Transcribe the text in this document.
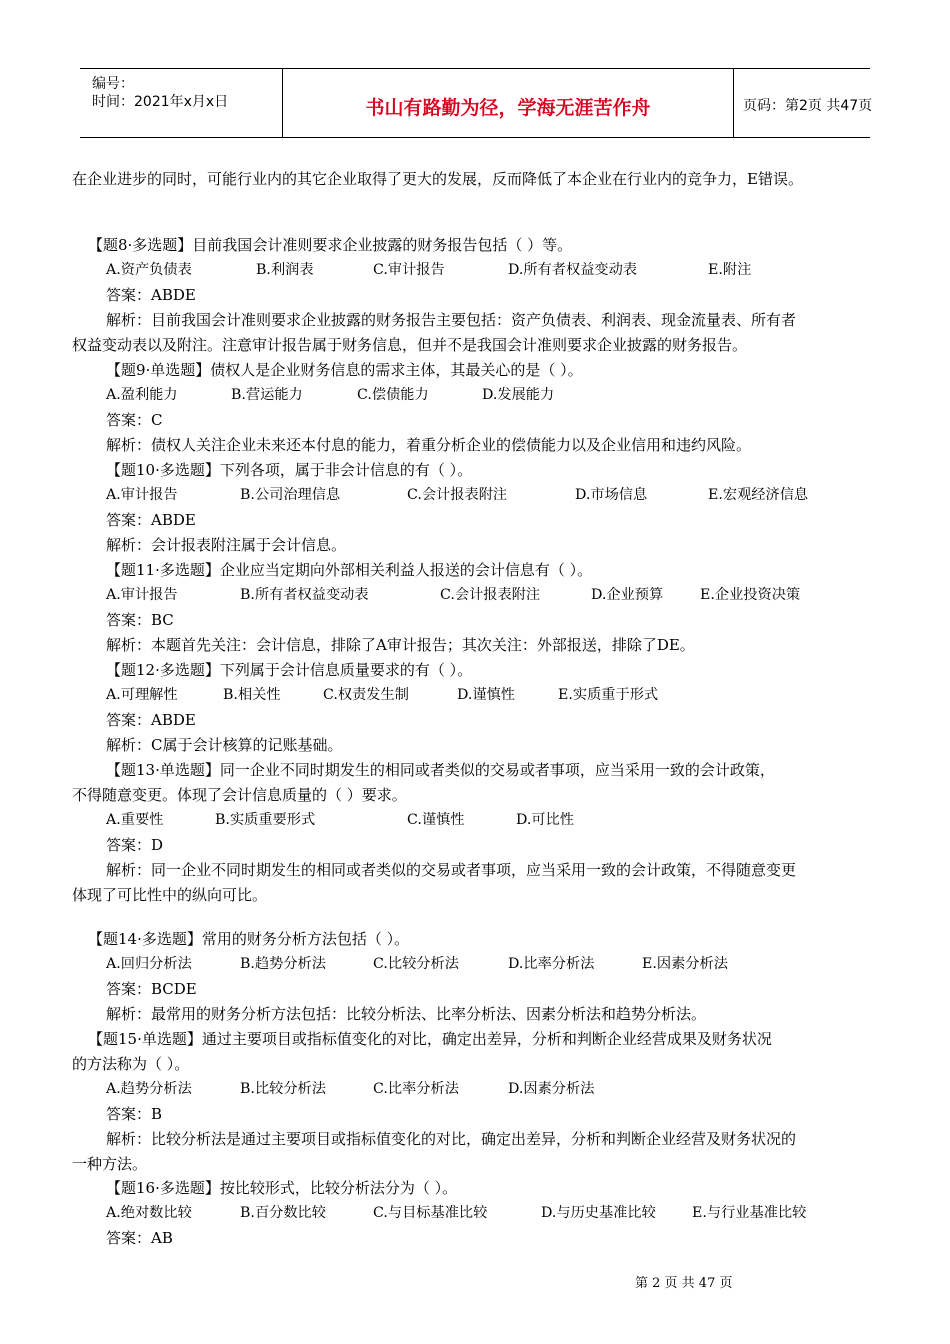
编号：
时间：2021年x月x日	书山有路勤为径，学海无涯苦作舟	页码：第2页 共47页
在企业进步的同时，可能行业内的其它企业取得了更大的发展，反而降低了本企业在行业内的竞争力，E错误。
【题8·多选题】目前我国会计准则要求企业披露的财务报告包括（ ）等。
A.资产负债表	B.利润表	C.审计报告	D.所有者权益变动表	E.附注
答案：ABDE
解析：目前我国会计准则要求企业披露的财务报告主要包括：资产负债表、利润表、现金流量表、所有者
权益变动表以及附注。注意审计报告属于财务信息，但并不是我国会计准则要求企业披露的财务报告。
【题9·单选题】债权人是企业财务信息的需求主体，其最关心的是（ ）。
A.盈利能力	B.营运能力	C.偿债能力	D.发展能力
答案：C
解析：债权人关注企业未来还本付息的能力，着重分析企业的偿债能力以及企业信用和违约风险。
【题10·多选题】下列各项，属于非会计信息的有（ ）。
A.审计报告	B.公司治理信息	C.会计报表附注	D.市场信息	E.宏观经济信息
答案：ABDE
解析：会计报表附注属于会计信息。
【题11·多选题】企业应当定期向外部相关利益人报送的会计信息有（ ）。
A.审计报告	B.所有者权益变动表	C.会计报表附注	D.企业预算	E.企业投资决策
答案：BC
解析：本题首先关注：会计信息，排除了A审计报告；其次关注：外部报送，排除了DE。
【题12·多选题】下列属于会计信息质量要求的有（ ）。
A.可理解性	B.相关性	C.权责发生制	D.谨慎性	E.实质重于形式
答案：ABDE
解析：C属于会计核算的记账基础。
【题13·单选题】同一企业不同时期发生的相同或者类似的交易或者事项，应当采用一致的会计政策，
不得随意变更。体现了会计信息质量的（ ）要求。
A.重要性	B.实质重要形式	C.谨慎性	D.可比性
答案：D
解析：同一企业不同时期发生的相同或者类似的交易或者事项，应当采用一致的会计政策，不得随意变更
体现了可比性中的纵向可比。
【题14·多选题】常用的财务分析方法包括（ ）。
A.回归分析法	B.趋势分析法	C.比较分析法	D.比率分析法	E.因素分析法
答案：BCDE
解析：最常用的财务分析方法包括：比较分析法、比率分析法、因素分析法和趋势分析法。
【题15·单选题】通过主要项目或指标值变化的对比，确定出差异，分析和判断企业经营成果及财务状况
的方法称为（ ）。
A.趋势分析法	B.比较分析法	C.比率分析法	D.因素分析法
答案：B
解析：比较分析法是通过主要项目或指标值变化的对比，确定出差异，分析和判断企业经营及财务状况的
一种方法。
【题16·多选题】按比较形式，比较分析法分为（ ）。
A.绝对数比较	B.百分数比较	C.与目标基准比较	D.与历史基准比较	E.与行业基准比较
答案：AB
第 2 页 共 47 页
